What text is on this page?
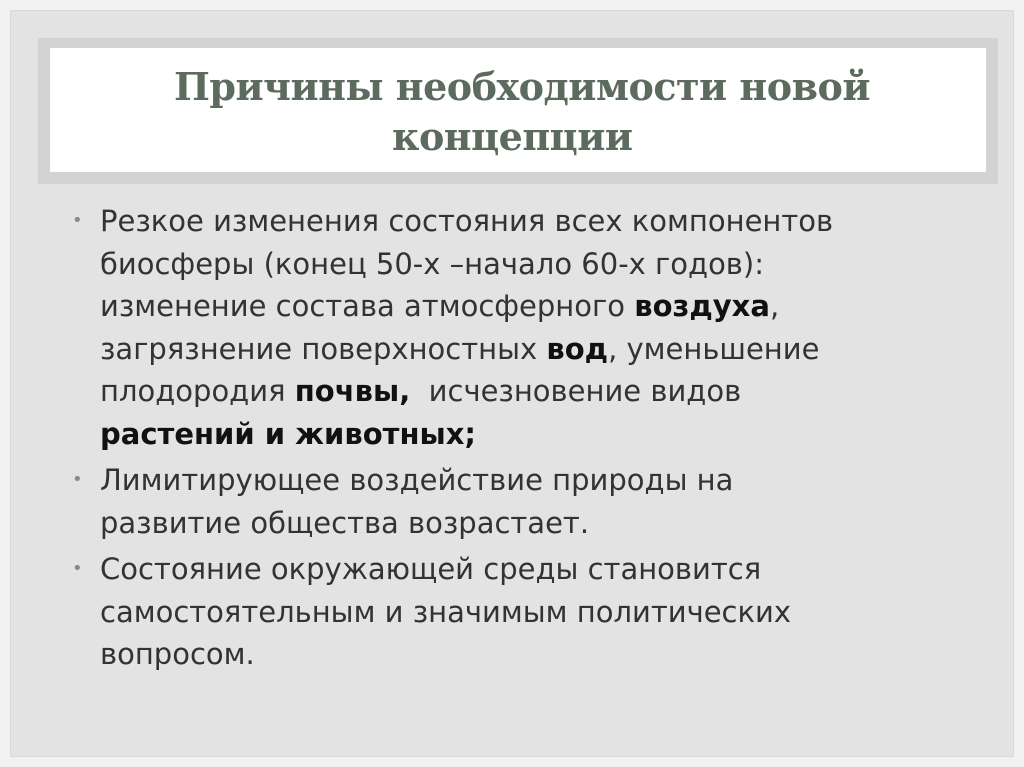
Причины необходимости новой
концепции
• Резкое изменения состояния всех компонентов
биосферы (конец 50-х –начало 60-х годов):
изменение состава атмосферного воздуха,
загрязнение поверхностных вод, уменьшение
плодородия почвы,  исчезновение видов
растений и животных;
• Лимитирующее воздействие природы на
развитие общества возрастает.
• Состояние окружающей среды становится
самостоятельным и значимым политических
вопросом.
